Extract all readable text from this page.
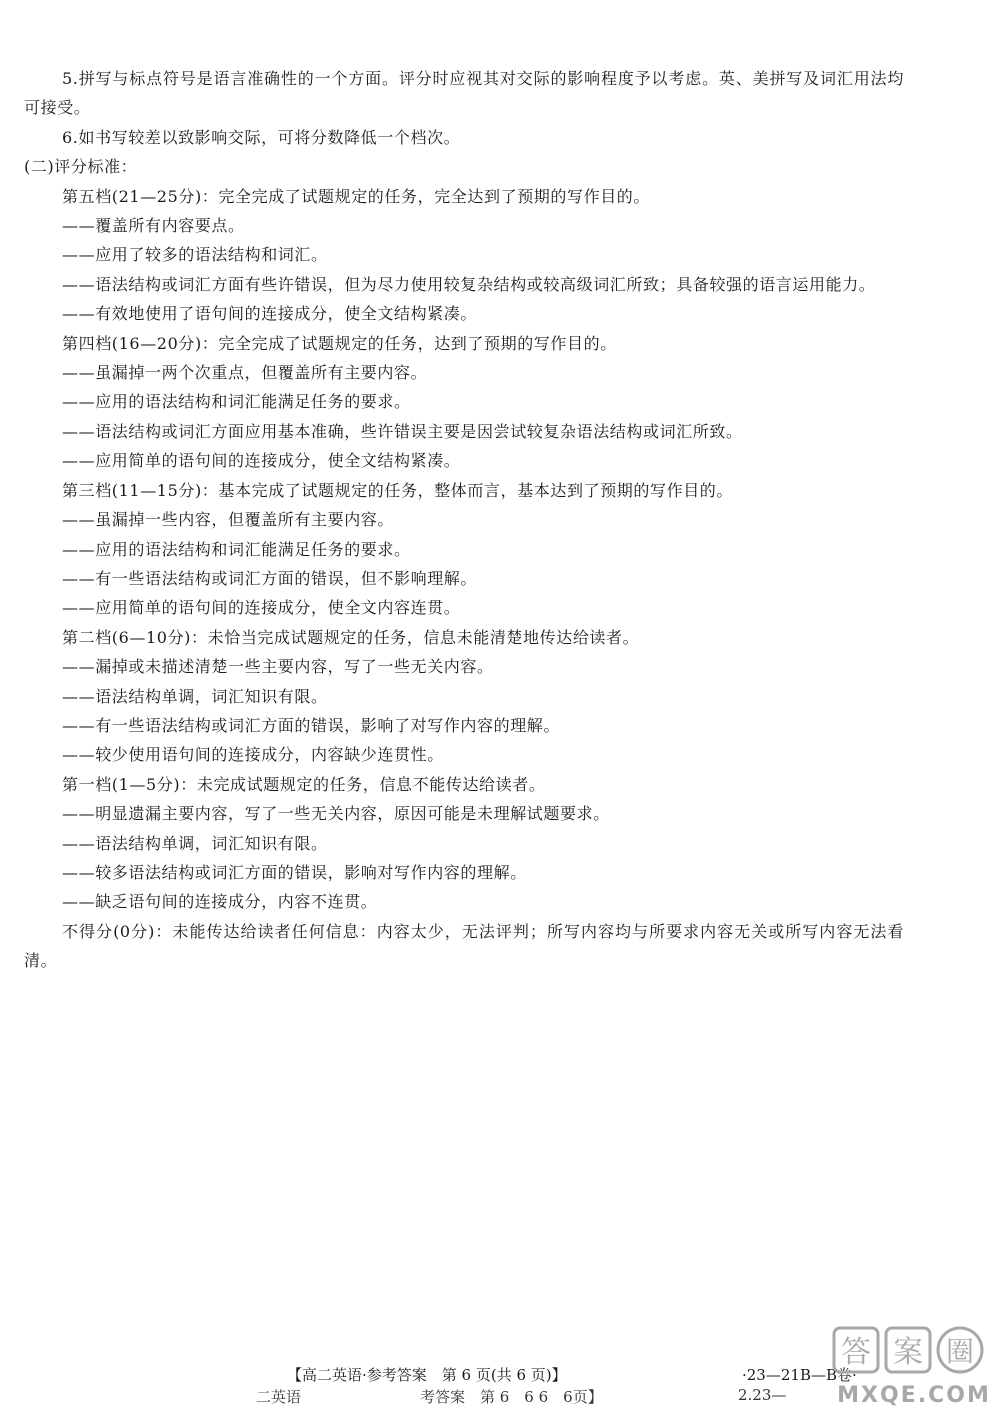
5.拼写与标点符号是语言准确性的一个方面。评分时应视其对交际的影响程度予以考虑。英、美拼写及词汇用法均可接受。

6.如书写较差以致影响交际，可将分数降低一个档次。

(二)评分标准：

第五档(21—25分)：完全完成了试题规定的任务，完全达到了预期的写作目的。

——覆盖所有内容要点。

——应用了较多的语法结构和词汇。

——语法结构或词汇方面有些许错误，但为尽力使用较复杂结构或较高级词汇所致；具备较强的语言运用能力。

——有效地使用了语句间的连接成分，使全文结构紧凑。

第四档(16—20分)：完全完成了试题规定的任务，达到了预期的写作目的。

——虽漏掉一两个次重点，但覆盖所有主要内容。

——应用的语法结构和词汇能满足任务的要求。

——语法结构或词汇方面应用基本准确，些许错误主要是因尝试较复杂语法结构或词汇所致。

——应用简单的语句间的连接成分，使全文结构紧凑。

第三档(11—15分)：基本完成了试题规定的任务，整体而言，基本达到了预期的写作目的。

——虽漏掉一些内容，但覆盖所有主要内容。

——应用的语法结构和词汇能满足任务的要求。

——有一些语法结构或词汇方面的错误，但不影响理解。

——应用简单的语句间的连接成分，使全文内容连贯。

第二档(6—10分)：未恰当完成试题规定的任务，信息未能清楚地传达给读者。

——漏掉或未描述清楚一些主要内容，写了一些无关内容。

——语法结构单调，词汇知识有限。

——有一些语法结构或词汇方面的错误，影响了对写作内容的理解。

——较少使用语句间的连接成分，内容缺少连贯性。

第一档(1—5分)：未完成试题规定的任务，信息不能传达给读者。

——明显遗漏主要内容，写了一些无关内容，原因可能是未理解试题要求。

——语法结构单调，词汇知识有限。

——较多语法结构或词汇方面的错误，影响对写作内容的理解。

——缺乏语句间的连接成分，内容不连贯。

不得分(0分)：未能传达给读者任何信息：内容太少，无法评判；所写内容均与所要求内容无关或所写内容无法看清。

【高二英语·参考答案　第 6 页(共 6 页)】	·23—21B—B卷·
二英语	考答案　第 6　6 6　6页】	2.23—
答 案 圈
MXQE.COM
